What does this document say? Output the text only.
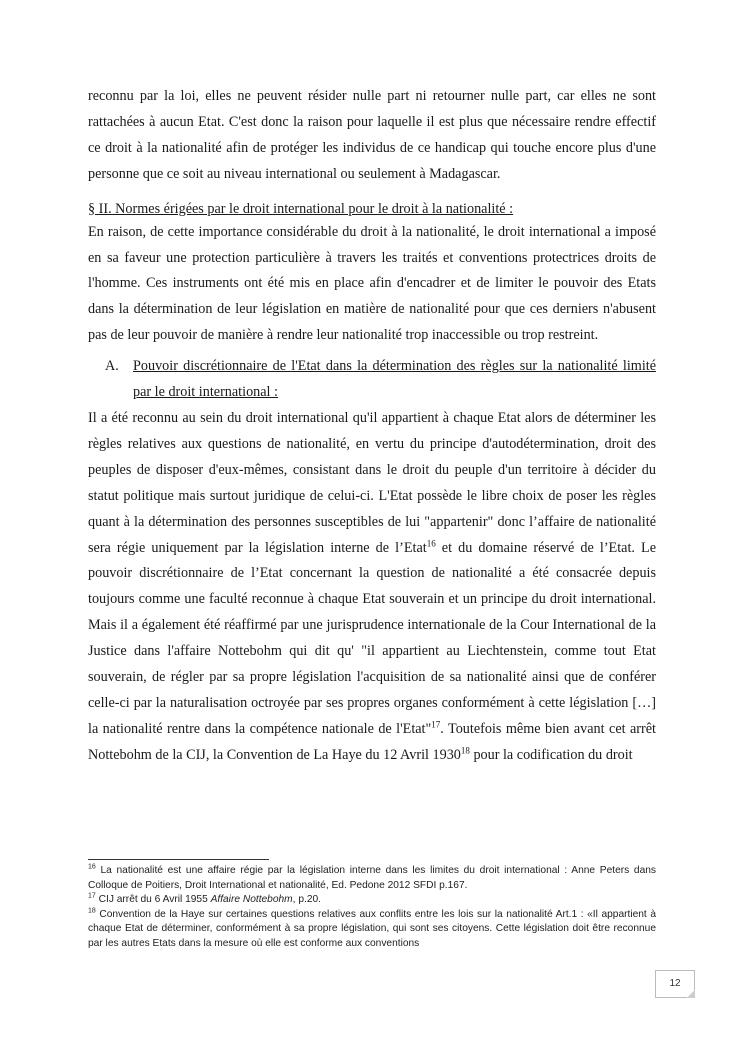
reconnu par la loi, elles ne peuvent résider nulle part ni retourner nulle part, car elles ne sont rattachées à aucun Etat. C'est donc la raison pour laquelle il est plus que nécessaire rendre effectif ce droit à la nationalité afin de protéger les individus de ce handicap qui touche encore plus d'une personne que ce soit au niveau international ou seulement à Madagascar.

§ II. Normes érigées par le droit international pour le droit à la nationalité :

En raison, de cette importance considérable du droit à la nationalité, le droit international a imposé en sa faveur une protection particulière à travers les traités et conventions protectrices droits de l'homme. Ces instruments ont été mis en place afin d'encadrer et de limiter le pouvoir des Etats dans la détermination de leur législation en matière de nationalité pour que ces derniers n'abusent pas de leur pouvoir de manière à rendre leur nationalité trop inaccessible ou trop restreint.

A.	Pouvoir discrétionnaire de l'Etat dans la détermination des règles sur la nationalité limité par le droit international :

Il a été reconnu au sein du droit international qu'il appartient à chaque Etat alors de déterminer les règles relatives aux questions de nationalité, en vertu du principe d'autodétermination, droit des peuples de disposer d'eux-mêmes, consistant dans le droit du peuple d'un territoire à décider du statut politique mais surtout juridique de celui-ci. L'Etat possède le libre choix de poser les règles quant à la détermination des personnes susceptibles de lui "appartenir" donc l’affaire de nationalité sera régie uniquement par la législation interne de l’Etat$^{16}$ et du domaine réservé de l’Etat. Le pouvoir discrétionnaire de l’Etat concernant la question de nationalité a été consacrée depuis toujours comme une faculté reconnue à chaque Etat souverain et un principe du droit international. Mais il a également été réaffirmé par une jurisprudence internationale de la Cour International de la Justice dans l'affaire Nottebohm qui dit qu' "il appartient au Liechtenstein, comme tout Etat souverain, de régler par sa propre législation l'acquisition de sa nationalité ainsi que de conférer celle-ci par la naturalisation octroyée par ses propres organes conformément à cette législation […] la nationalité rentre dans la compétence nationale de l'Etat"$^{17}$. Toutefois même bien avant cet arrêt Nottebohm de la CIJ, la Convention de La Haye du 12 Avril 1930$^{18}$ pour la codification du droit

$^{16}$ La nationalité est une affaire régie par la législation interne dans les limites du droit international : Anne Peters dans Colloque de Poitiers, Droit International et nationalité, Ed. Pedone 2012 SFDI p.167.
$^{17}$ CIJ arrêt du 6 Avril 1955 Affaire Nottebohm, p.20.
$^{18}$ Convention de la Haye sur certaines questions relatives aux conflits entre les lois sur la nationalité Art.1 : «Il appartient à chaque Etat de déterminer, conformément à sa propre législation, qui sont ses citoyens. Cette législation doit être reconnue par les autres Etats dans la mesure où elle est conforme aux conventions
12
